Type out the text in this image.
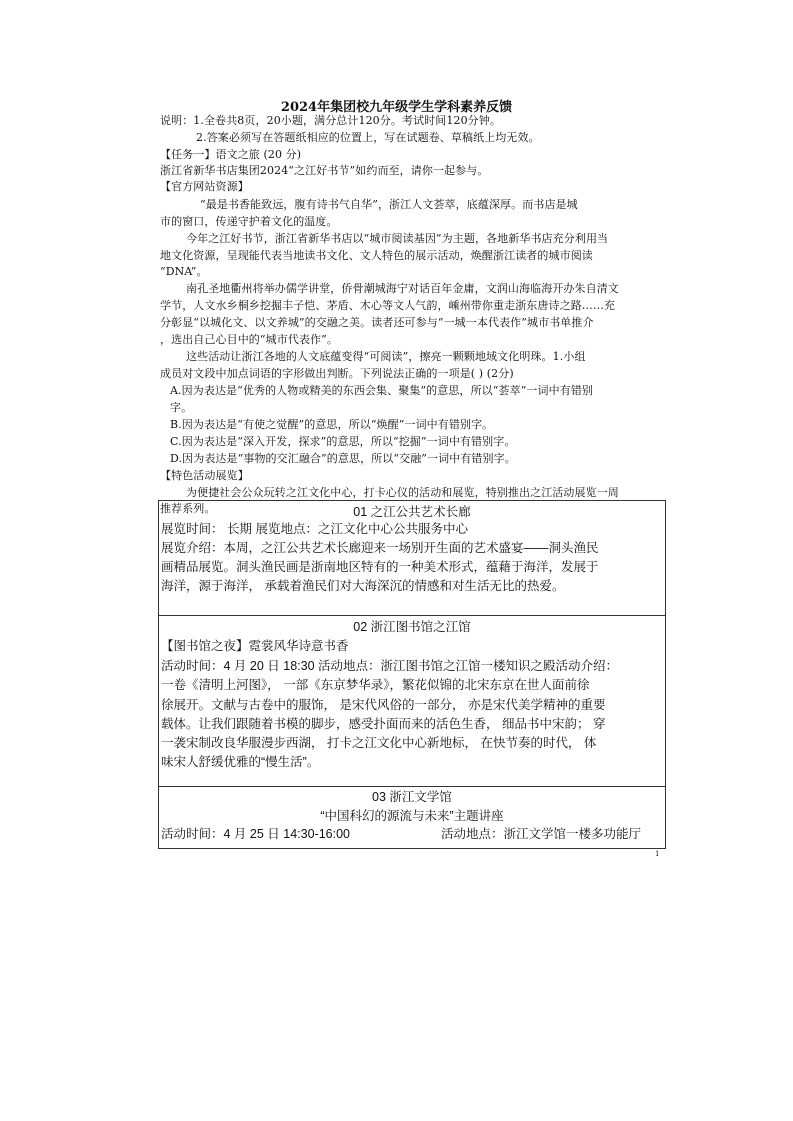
2024年集团校九年级学生学科素养反馈
说明：1.全卷共8页，20小题，满分总计120分。考试时间120分钟。
2.答案必须写在答题纸相应的位置上，写在试题卷、草稿纸上均无效。
【任务一】语文之旅 (20 分)
浙江省新华书店集团2024“之江好书节”如约而至，请你一起参与。
【官方网站资源】
“最是书香能致远，腹有诗书气自华”，浙江人文荟萃，底蕴深厚。而书店是城
市的窗口，传递守护着文化的温度。
今年之江好书节，浙江省新华书店以“城市阅读基因”为主题，各地新华书店充分利用当
地文化资源，呈现能代表当地读书文化、文人特色的展示活动，焕醒浙江读者的城市阅读
“DNA”。
南孔圣地衢州将举办儒学讲堂，侨骨潮城海宁对话百年金庸，文润山海临海开办朱自清文
学节，人文水乡桐乡挖掘丰子恺、茅盾、木心等文人气韵，嵊州带你重走浙东唐诗之路……充
分彰显“以城化文、以文养城”的交融之美。读者还可参与“一城一本代表作”城市书单推介
，选出自己心目中的“城市代表作”。
这些活动让浙江各地的人文底蕴变得“可阅读”，擦亮一颗颗地域文化明珠。1.小组
成员对文段中加点词语的字形做出判断。下列说法正确的一项是( ) (2分)
A.因为表达是“优秀的人物或精美的东西会集、聚集”的意思，所以“荟萃”一词中有错别
字。
B.因为表达是“有使之觉醒”的意思，所以“焕醒”一词中有错别字。
C.因为表达是“深入开发，探求”的意思，所以“挖掘”一词中有错别字。
D.因为表达是“事物的交汇融合”的意思，所以“交融”一词中有错别字。
【特色活动展览】
为便捷社会公众玩转之江文化中心，打卡心仪的活动和展览，特别推出之江活动展览一周
推荐系列。	01 之江公共艺术长廊
展览时间： 长期 展览地点：之江文化中心公共服务中心
展览介绍：本周，之江公共艺术长廊迎来一场别开生面的艺术盛宴——洞头渔民
画精品展览。洞头渔民画是浙南地区特有的一种美术形式，蕴藉于海洋，发展于
海洋，源于海洋， 承载着渔民们对大海深沉的情感和对生活无比的热爱。
02 浙江图书馆之江馆
【图书馆之夜】霓裳风华诗意书香
活动时间：4 月 20 日 18:30 活动地点：浙江图书馆之江馆一楼知识之殿活动介绍：
一卷《清明上河图》， 一部《东京梦华录》，繁花似锦的北宋东京在世人面前徐
徐展开。文献与古卷中的服饰， 是宋代风俗的一部分， 亦是宋代美学精神的重要
载体。让我们跟随着书模的脚步，感受扑面而来的活色生香， 细品书中宋韵； 穿
一袭宋制改良华服漫步西湖， 打卡之江文化中心新地标， 在快节奏的时代， 体
味宋人舒缓优雅的“慢生活”。
03 浙江文学馆
“中国科幻的源流与未来”主题讲座
活动时间：4 月 25 日 14:30-16:00	活动地点：浙江文学馆一楼多功能厅
1
